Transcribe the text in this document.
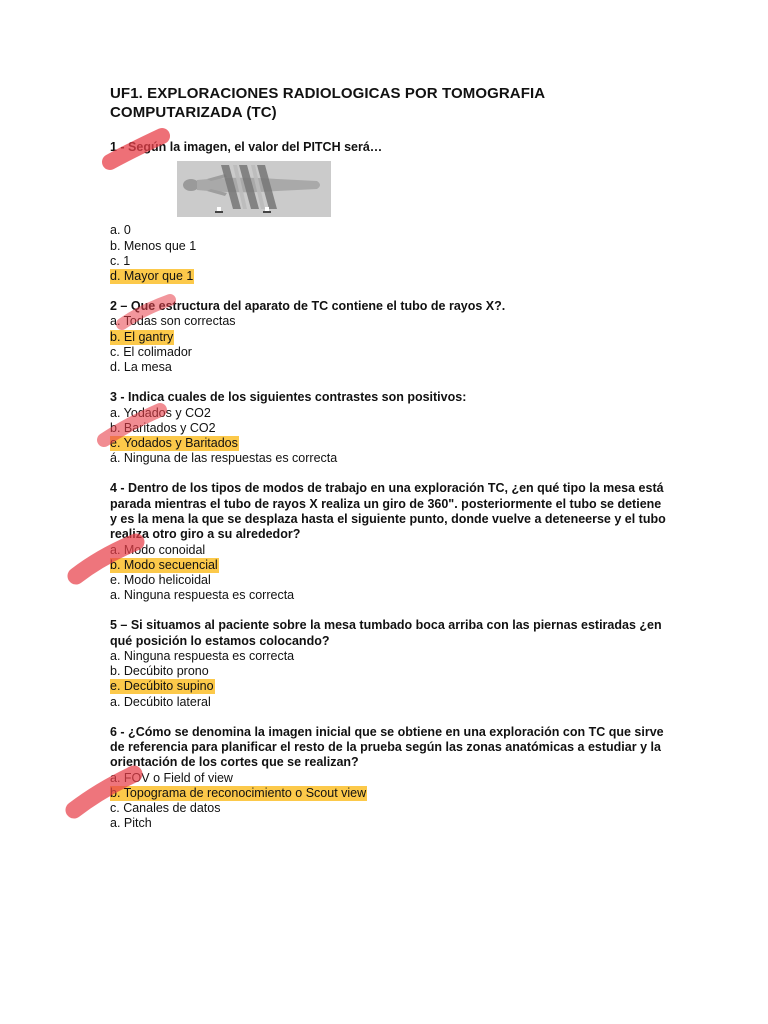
UF1. EXPLORACIONES RADIOLOGICAS POR TOMOGRAFIA COMPUTARIZADA (TC)
1 - Según la imagen, el valor del PITCH será…
a. 0
b. Menos que 1
c. 1
d. Mayor que 1
2 – Que estructura del aparato de TC contiene el tubo de rayos X?.
a. Todas son correctas
b. El gantry
c. El colimador
d. La mesa
3 - Indica cuales de los siguientes contrastes son positivos:
a. Yodados y CO2
b. Baritados y CO2
e. Yodados y Baritados
á. Ninguna de las respuestas es correcta
4 - Dentro de los tipos de modos de trabajo en una exploración TC, ¿en qué tipo la mesa está parada mientras el tubo de rayos X realiza un giro de 360". posteriormente el tubo se detiene y es la mena la que se desplaza hasta el siguiente punto, donde vuelve a deteneerse y el tubo realiza otro giro a su alrededor?
a. Modo conoidal
b. Modo secuencial
e. Modo helicoidal
a. Ninguna respuesta es correcta
5 – Si situamos al paciente sobre la mesa tumbado boca arriba con las piernas estiradas ¿en qué posición lo estamos colocando?
a. Ninguna respuesta es correcta
b. Decúbito prono
e. Decúbito supino
a. Decúbito lateral
6 - ¿Cómo se denomina la imagen inicial que se obtiene en una exploración con TC que sirve de referencia para planificar el resto de la prueba según las zonas anatómicas a estudiar y la orientación de los cortes que se realizan?
a. FOV o Field of view
b. Topograma de reconocimiento o Scout view
c. Canales de datos
a. Pitch
